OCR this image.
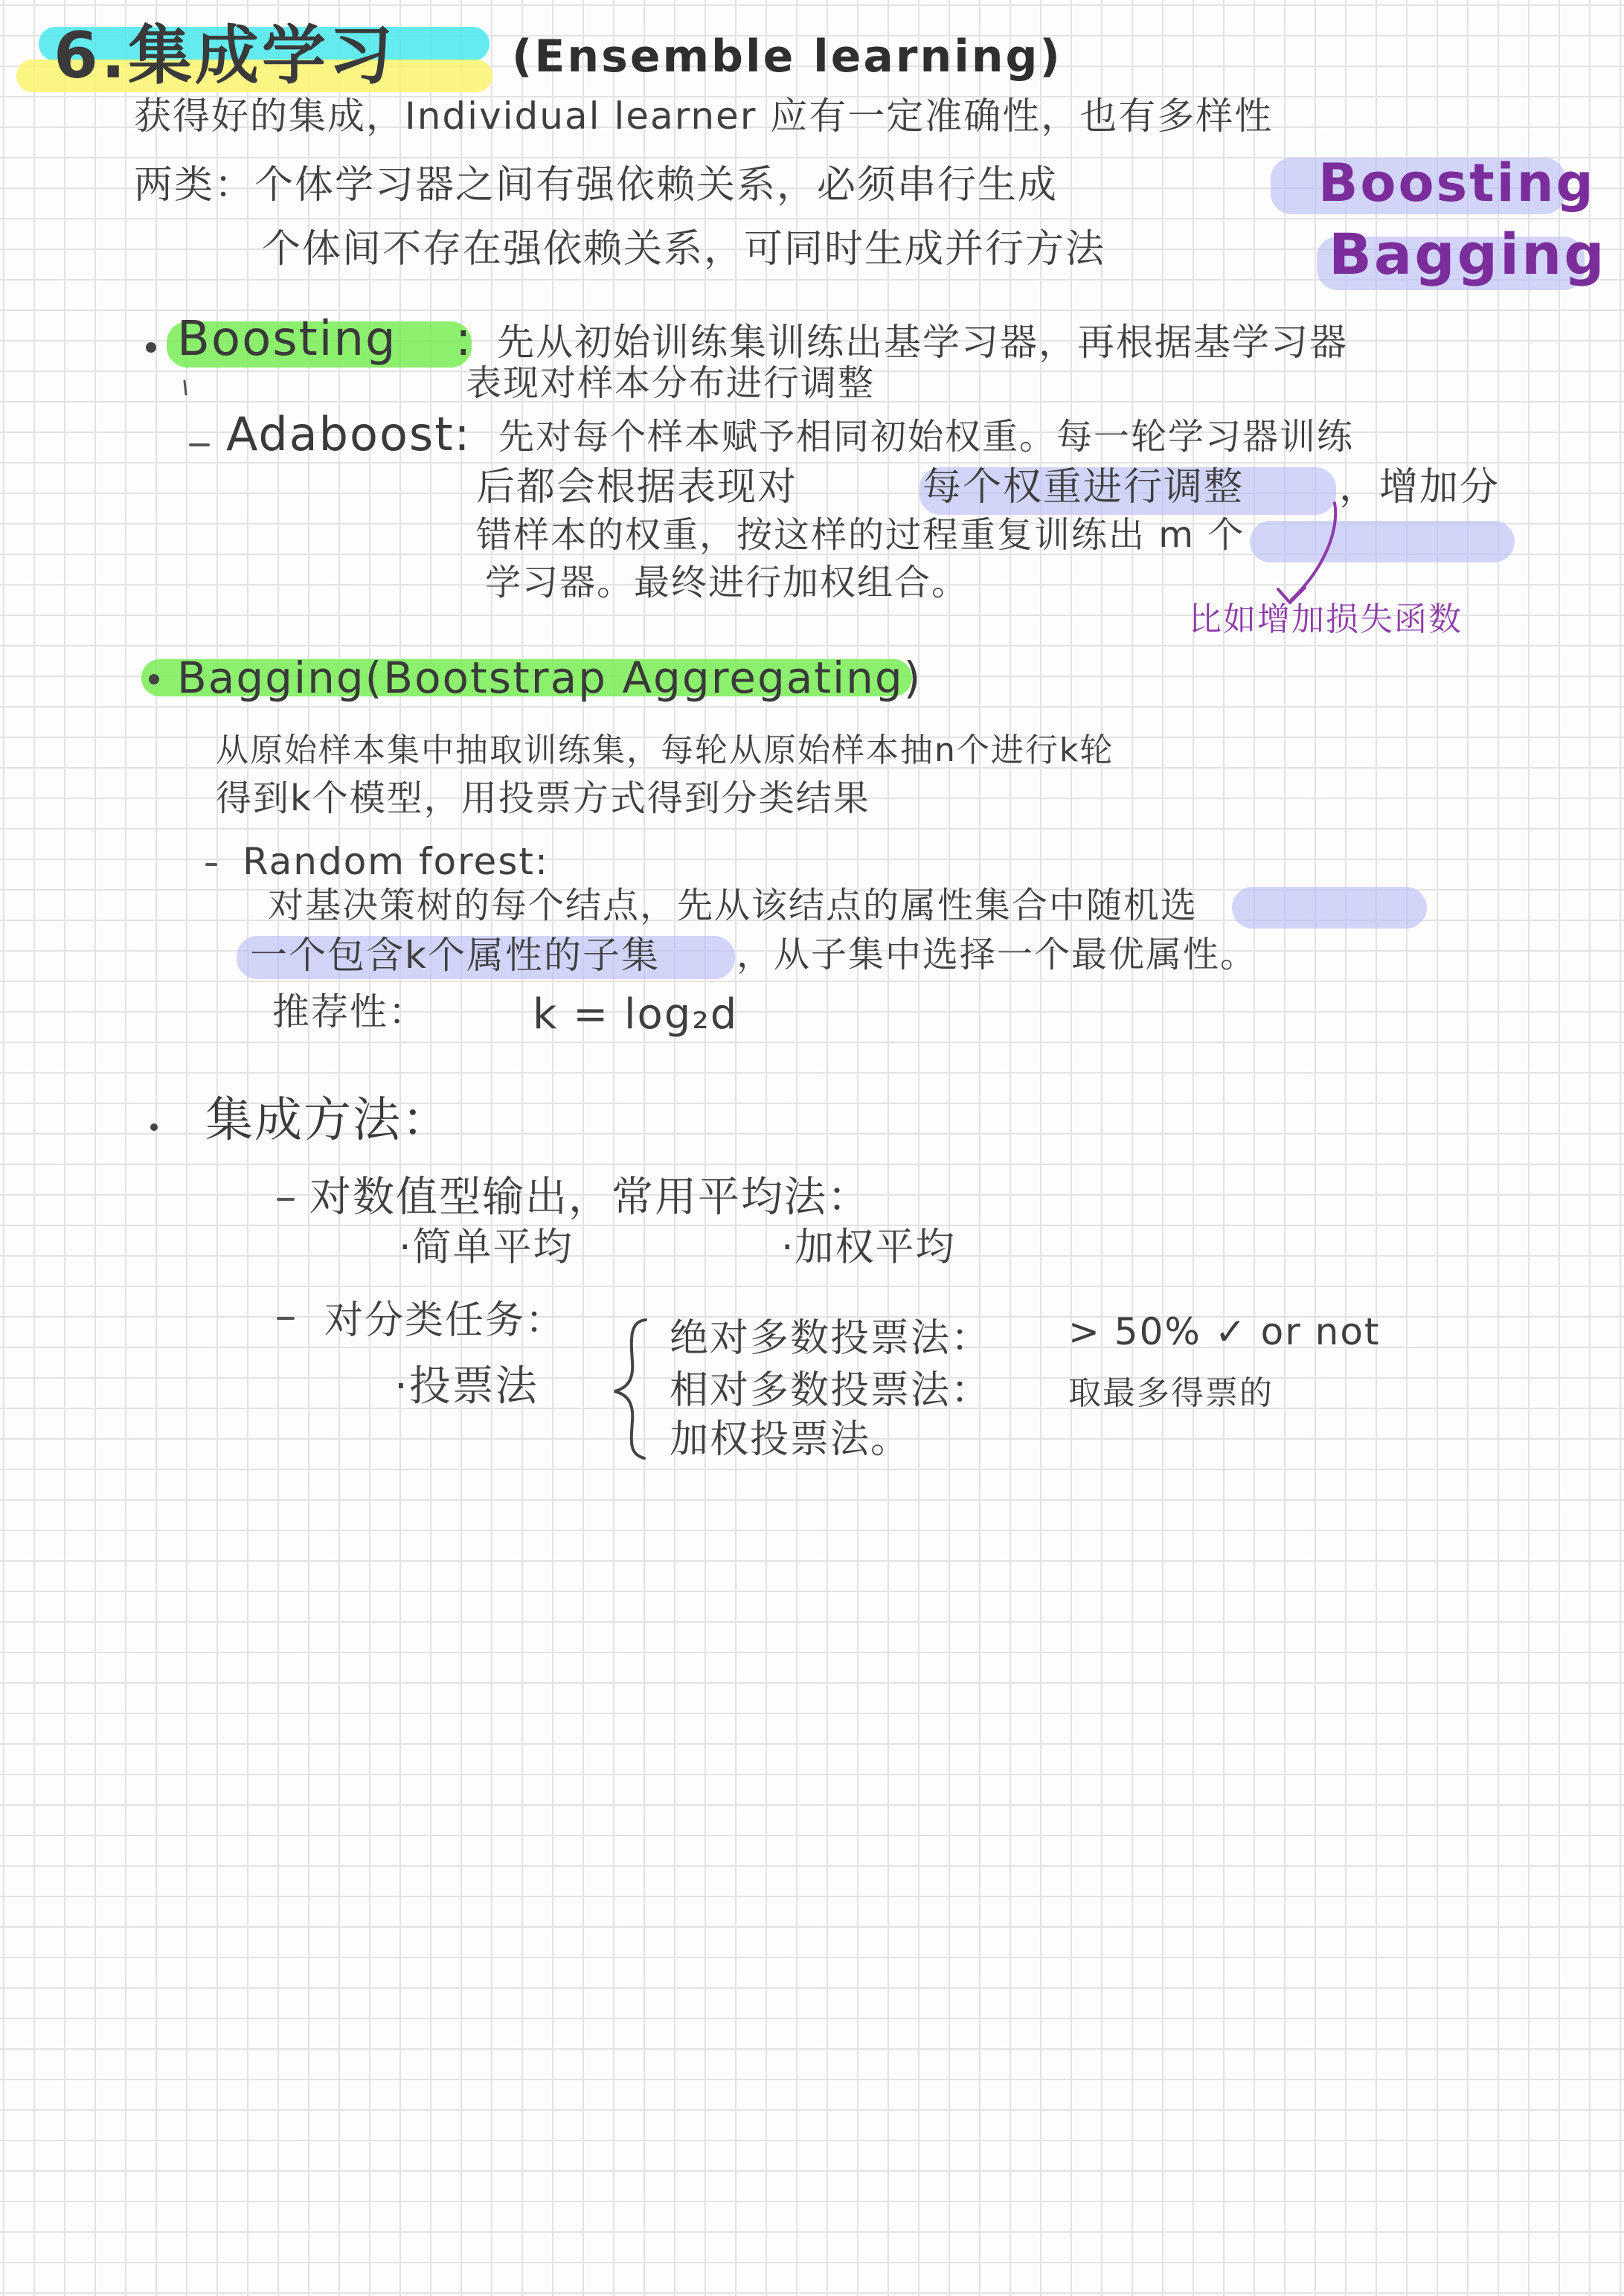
6. 集成学习	(Ensemble learning)
获得好的集成，Individual learner 应有一定准确性，也有多样性
两类：个体学习器之间有强依赖关系，必须串行生成
个体间不存在强依赖关系，可同时生成并行方法
Boosting
Bagging
Boosting : 先从初始训练集训练出基学习器，再根据基学习器
表现对样本分布进行调整
Adaboost: 先对每个样本赋予相同初始权重。每一轮学习器训练
后都会根据表现对	每个权重进行调整 ，增加分
错样本的权重，按这样的过程重复训练出 m 个
学习器。最终进行加权组合。
比如增加损失函数
Bagging(Bootstrap Aggregating)
从原始样本集中抽取训练集，每轮从原始样本抽n个进行k轮
得到k个模型，用投票方式得到分类结果
Random forest:
对基决策树的每个结点，先从该结点的属性集合中随机选
一个包含k个属性的子集 ，从子集中选择一个最优属性。
推荐性：	k = log₂d
集成方法：
对数值型输出，常用平均法：
·简单平均	·加权平均
对分类任务：
·投票法
绝对多数投票法： > 50% ✓ or not
相对多数投票法： 取最多得票的
加权投票法。
